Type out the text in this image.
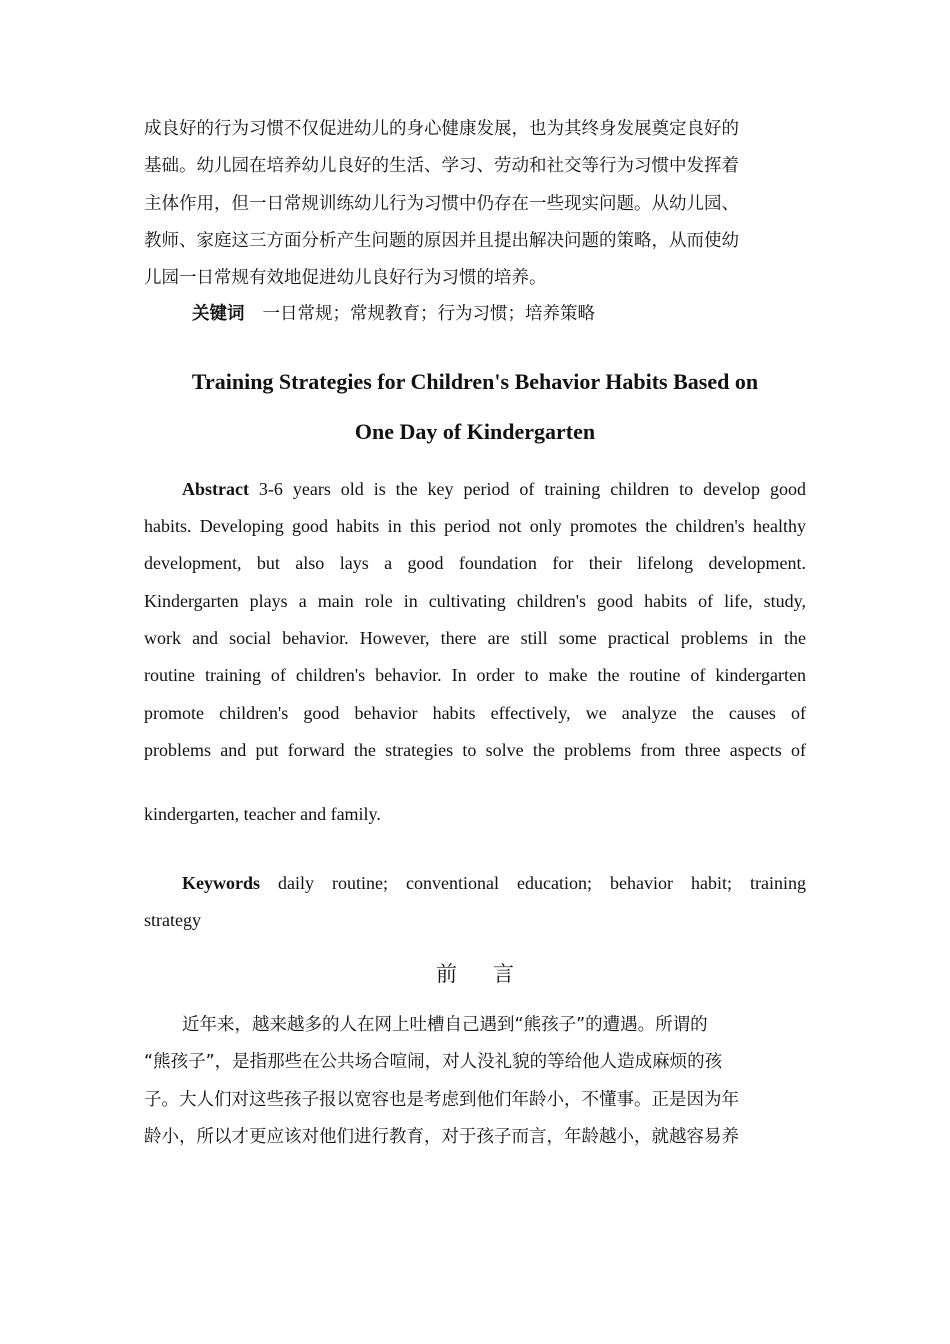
成良好的行为习惯不仅促进幼儿的身心健康发展，也为其终身发展奠定良好的
基础。幼儿园在培养幼儿良好的生活、学习、劳动和社交等行为习惯中发挥着
主体作用，但一日常规训练幼儿行为习惯中仍存在一些现实问题。从幼儿园、
教师、家庭这三方面分析产生问题的原因并且提出解决问题的策略，从而使幼
儿园一日常规有效地促进幼儿良好行为习惯的培养。
关键词 一日常规；常规教育；行为习惯；培养策略
Training Strategies for Children's Behavior Habits Based on
One Day of Kindergarten
Abstract 3-6 years old is the key period of training children to develop good
habits. Developing good habits in this period not only promotes the children's healthy
development, but also lays a good foundation for their lifelong development.
Kindergarten plays a main role in cultivating children's good habits of life, study,
work and social behavior. However, there are still some practical problems in the
routine training of children's behavior. In order to make the routine of kindergarten
promote children's good behavior habits effectively, we analyze the causes of
problems and put forward the strategies to solve the problems from three aspects of
kindergarten, teacher and family.
Keywords daily routine; conventional education; behavior habit; training
strategy
前言
近年来，越来越多的人在网上吐槽自己遇到“熊孩子”的遭遇。所谓的
“熊孩子”，是指那些在公共场合喧闹，对人没礼貌的等给他人造成麻烦的孩
子。大人们对这些孩子报以宽容也是考虑到他们年龄小，不懂事。正是因为年
龄小，所以才更应该对他们进行教育，对于孩子而言，年龄越小，就越容易养
